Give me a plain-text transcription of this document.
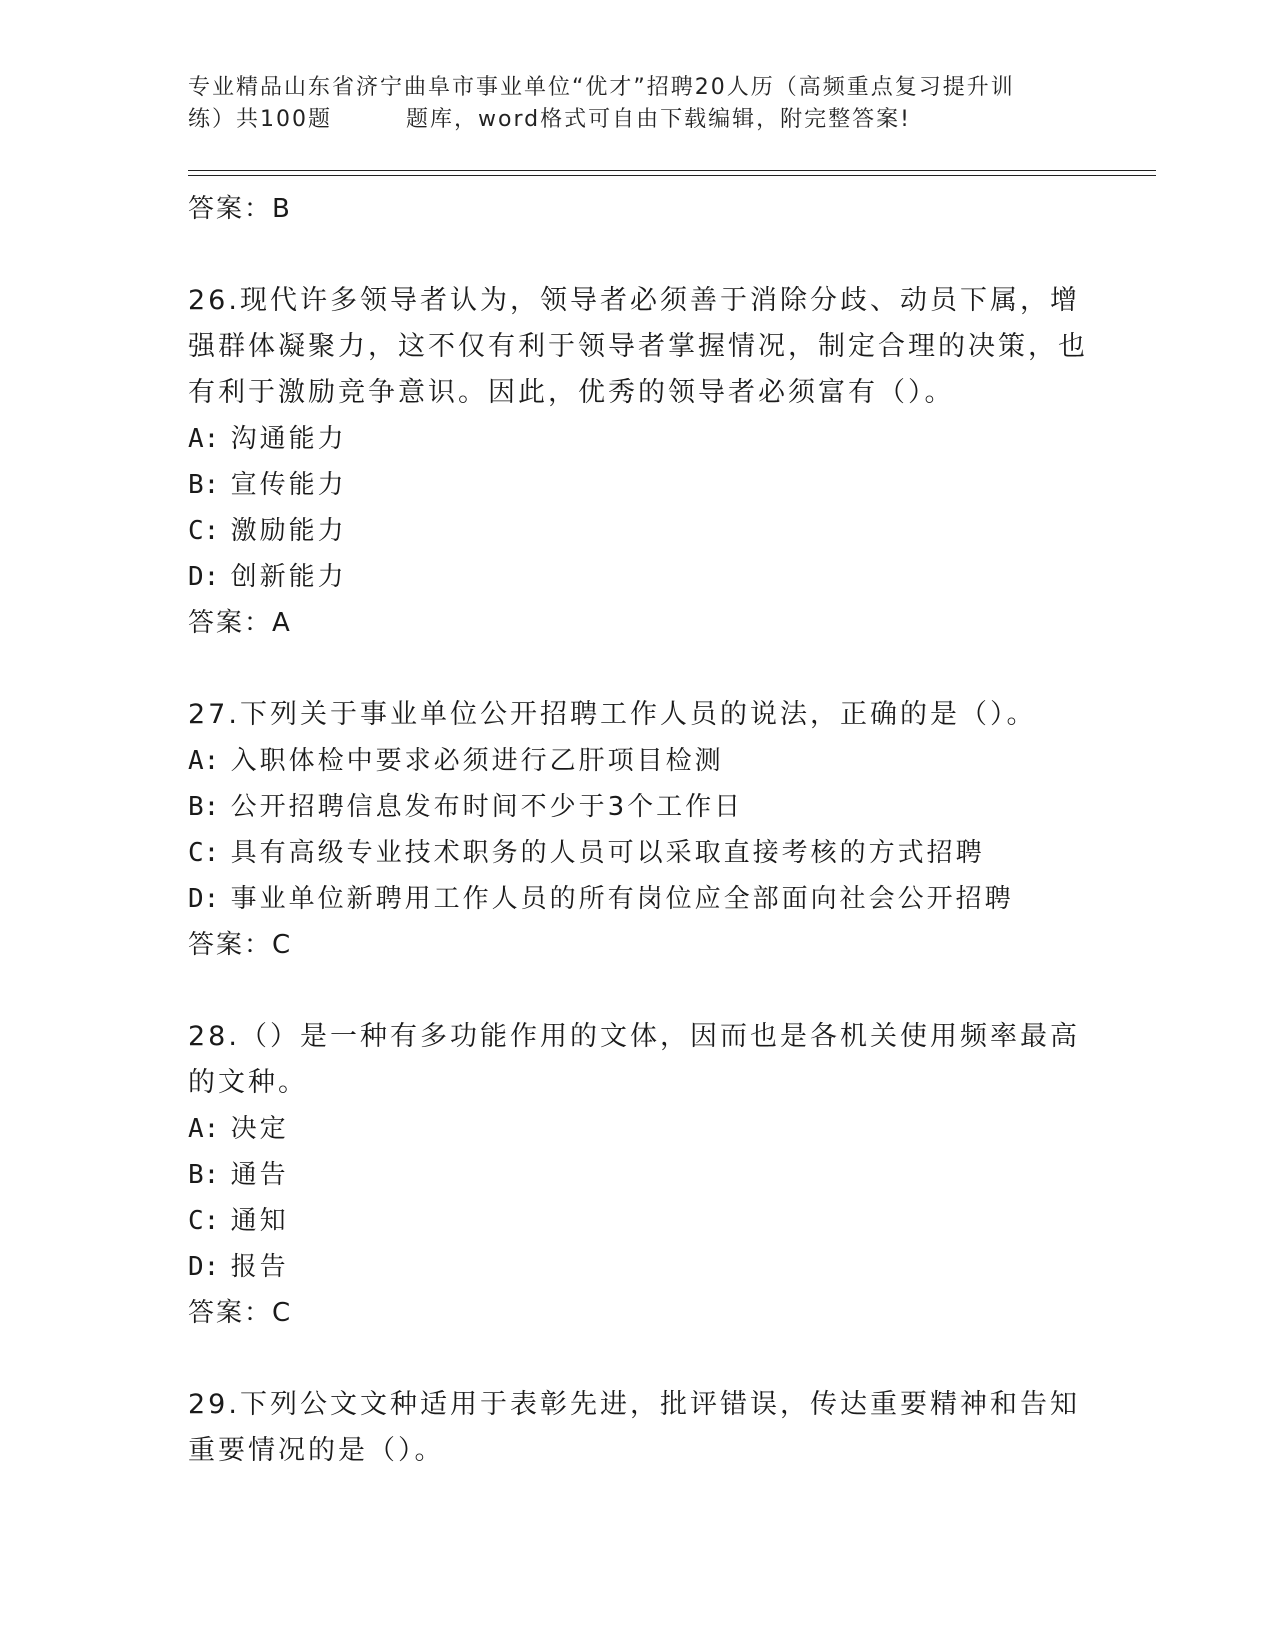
专业精品山东省济宁曲阜市事业单位“优才”招聘20人历（高频重点复习提升训
练）共100题	题库，word格式可自由下载编辑，附完整答案!
答案：B
26.现代许多领导者认为，领导者必须善于消除分歧、动员下属，增强群体凝聚力，这不仅有利于领导者掌握情况，制定合理的决策，也有利于激励竞争意识。因此，优秀的领导者必须富有（）。
A: 沟通能力
B: 宣传能力
C: 激励能力
D: 创新能力
答案：A
27.下列关于事业单位公开招聘工作人员的说法，正确的是（）。
A: 入职体检中要求必须进行乙肝项目检测
B: 公开招聘信息发布时间不少于3个工作日
C: 具有高级专业技术职务的人员可以采取直接考核的方式招聘
D: 事业单位新聘用工作人员的所有岗位应全部面向社会公开招聘
答案：C
28.（）是一种有多功能作用的文体，因而也是各机关使用频率最高的文种。
A: 决定
B: 通告
C: 通知
D: 报告
答案：C
29.下列公文文种适用于表彰先进，批评错误，传达重要精神和告知重要情况的是（）。
